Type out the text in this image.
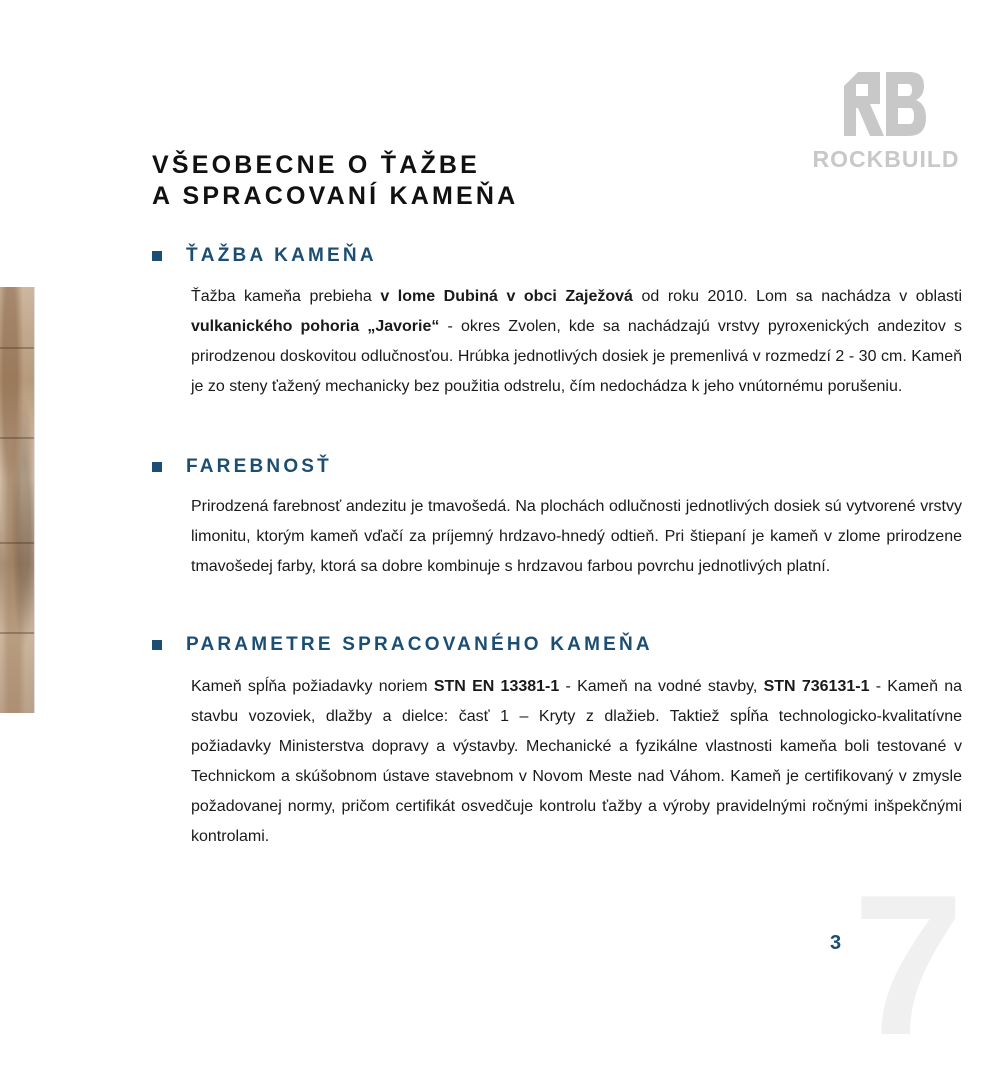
ROCKBUILD
VŠEOBECNE O ŤAŽBE
A SPRACOVANÍ KAMEŇA
ŤAŽBA KAMEŇA

Ťažba kameňa prebieha v lome Dubiná v obci Zaježová od roku 2010. Lom sa nachádza v oblasti vulkanického pohoria „Javorie“ - okres Zvolen, kde sa nachádzajú vrstvy pyroxenických andezitov s prirodzenou doskovitou odlučnosťou. Hrúbka jednotlivých dosiek je premenlivá v rozmedzí 2 - 30 cm. Kameň je zo steny ťažený mechanicky bez použitia odstrelu, čím nedochádza k jeho vnútornému porušeniu.

FAREBNOSŤ

Prirodzená farebnosť andezitu je tmavošedá. Na plochách odlučnosti jednotlivých dosiek sú vytvorené vrstvy limonitu, ktorým kameň vďačí za príjemný hrdzavo-hnedý odtieň. Pri štiepaní je kameň v zlome prirodzene tmavošedej farby, ktorá sa dobre kombinuje s hrdzavou farbou povrchu jednotlivých platní.

PARAMETRE SPRACOVANÉHO KAMEŇA

Kameň spĺňa požiadavky noriem STN EN 13381-1 - Kameň na vodné stavby, STN 736131-1 - Kameň na stavbu vozoviek, dlažby a dielce: časť 1 – Kryty z dlažieb. Taktiež spĺňa technologicko-kvalitatívne požiadavky Ministerstva dopravy a výstavby. Mechanické a fyzikálne vlastnosti kameňa boli testované v Technickom a skúšobnom ústave stavebnom v Novom Meste nad Váhom. Kameň je certifikovaný v zmysle požadovanej normy, pričom certifikát osvedčuje kontrolu ťažby a výroby pravidelnými ročnými inšpekčnými kontrolami.

7
3
